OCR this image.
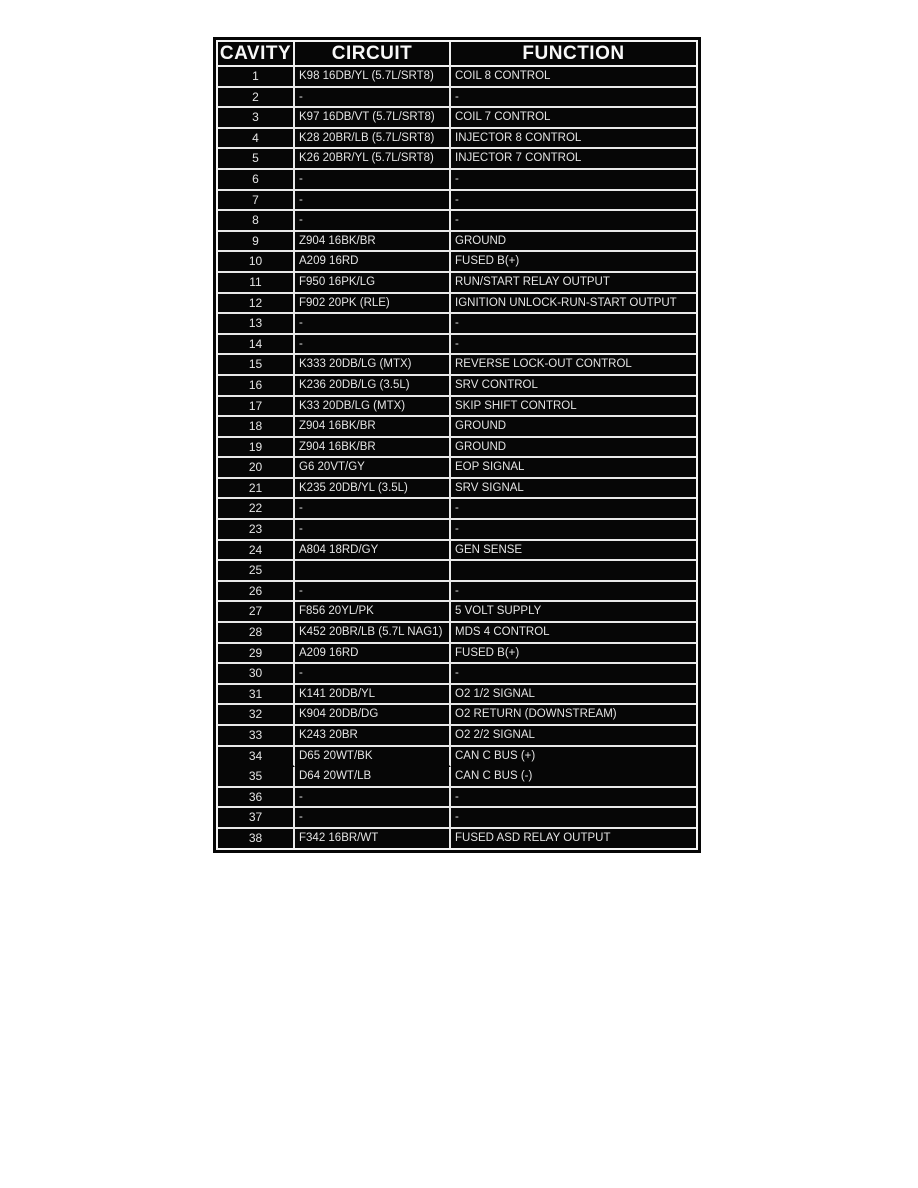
CAVITY	CIRCUIT	FUNCTION
1	K98 16DB/YL (5.7L/SRT8)	COIL 8 CONTROL
2	-	-
3	K97 16DB/VT (5.7L/SRT8)	COIL 7 CONTROL
4	K28 20BR/LB (5.7L/SRT8)	INJECTOR 8 CONTROL
5	K26 20BR/YL (5.7L/SRT8)	INJECTOR 7 CONTROL
6	-	-
7	-	-
8	-	-
9	Z904 16BK/BR	GROUND
10	A209 16RD	FUSED B(+)
11	F950 16PK/LG	RUN/START RELAY OUTPUT
12	F902 20PK (RLE)	IGNITION UNLOCK-RUN-START OUTPUT
13	-	-
14	-	-
15	K333 20DB/LG (MTX)	REVERSE LOCK-OUT CONTROL
16	K236 20DB/LG (3.5L)	SRV CONTROL
17	K33 20DB/LG (MTX)	SKIP SHIFT CONTROL
18	Z904 16BK/BR	GROUND
19	Z904 16BK/BR	GROUND
20	G6 20VT/GY	EOP SIGNAL
21	K235 20DB/YL (3.5L)	SRV SIGNAL
22	-	-
23	-	-
24	A804 18RD/GY	GEN SENSE
25		
26	-	-
27	F856 20YL/PK	5 VOLT SUPPLY
28	K452 20BR/LB (5.7L NAG1)	MDS 4 CONTROL
29	A209 16RD	FUSED B(+)
30	-	-
31	K141 20DB/YL	O2 1/2 SIGNAL
32	K904 20DB/DG	O2 RETURN (DOWNSTREAM)
33	K243 20BR	O2 2/2 SIGNAL
34	D65 20WT/BK	CAN C BUS (+)
35	D64 20WT/LB	CAN C BUS (-)
36	-	-
37	-	-
38	F342 16BR/WT	FUSED ASD RELAY OUTPUT
